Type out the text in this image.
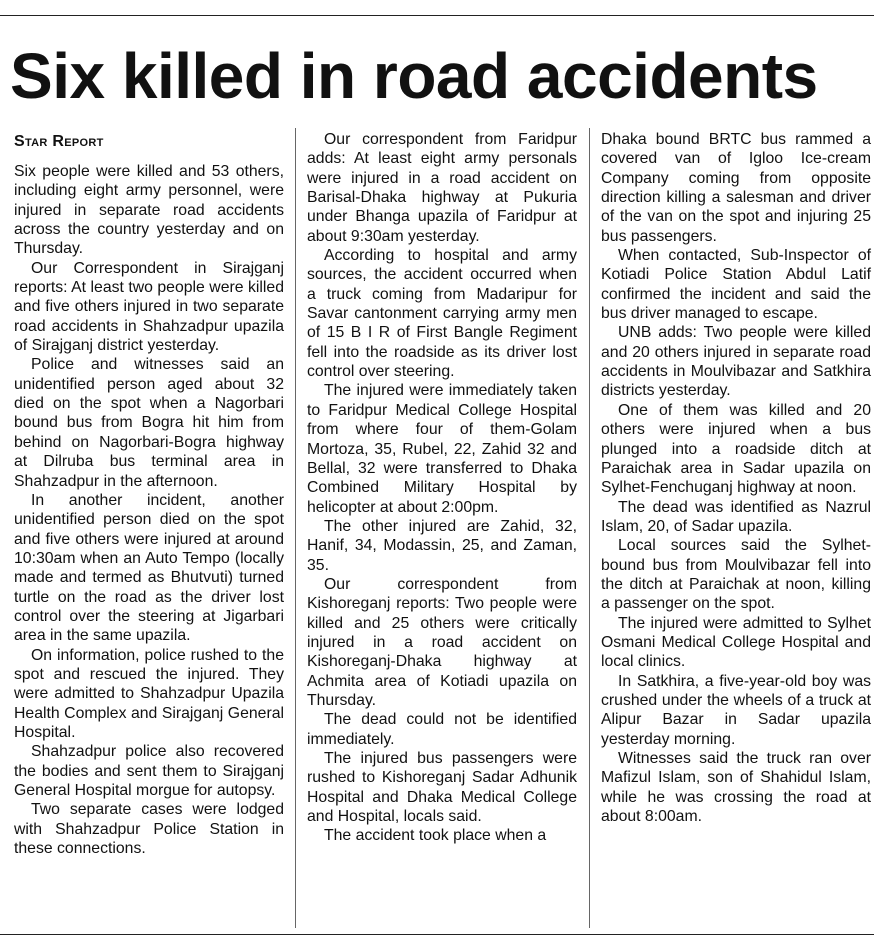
Six killed in road accidents
Star Report

Six people were killed and 53 others, including eight army personnel, were injured in separate road accidents across the country yesterday and on Thursday.

Our Correspondent in Sirajganj reports: At least two people were killed and five others injured in two separate road accidents in Shahzadpur upazila of Sirajganj district yesterday.

Police and witnesses said an unidentified person aged about 32 died on the spot when a Nagorbari bound bus from Bogra hit him from behind on Nagorbari-Bogra highway at Dilruba bus terminal area in Shahzadpur in the afternoon.

In another incident, another unidentified person died on the spot and five others were injured at around 10:30am when an Auto Tempo (locally made and termed as Bhutvuti) turned turtle on the road as the driver lost control over the steering at Jigarbari area in the same upazila.

On information, police rushed to the spot and rescued the injured. They were admitted to Shahzadpur Upazila Health Complex and Sirajganj General Hospital.

Shahzadpur police also recovered the bodies and sent them to Sirajganj General Hospital morgue for autopsy.

Two separate cases were lodged with Shahzadpur Police Station in these connections.

Our correspondent from Faridpur adds: At least eight army personals were injured in a road accident on Barisal-Dhaka highway at Pukuria under Bhanga upazila of Faridpur at about 9:30am yesterday.

According to hospital and army sources, the accident occurred when a truck coming from Madaripur for Savar cantonment carrying army men of 15 B I R of First Bangle Regiment fell into the roadside as its driver lost control over steering.

The injured were immediately taken to Faridpur Medical College Hospital from where four of them-Golam Mortoza, 35, Rubel, 22, Zahid 32 and Bellal, 32 were transferred to Dhaka Combined Military Hospital by helicopter at about 2:00pm.

The other injured are Zahid, 32, Hanif, 34, Modassin, 25, and Zaman, 35.

Our correspondent from Kishoreganj reports: Two people were killed and 25 others were critically injured in a road accident on Kishoreganj-Dhaka highway at Achmita area of Kotiadi upazila on Thursday.

The dead could not be identified immediately.

The injured bus passengers were rushed to Kishoreganj Sadar Adhunik Hospital and Dhaka Medical College and Hospital, locals said.

The accident took place when a

Dhaka bound BRTC bus rammed a covered van of Igloo Ice-cream Company coming from opposite direction killing a salesman and driver of the van on the spot and injuring 25 bus passengers.

When contacted, Sub-Inspector of Kotiadi Police Station Abdul Latif confirmed the incident and said the bus driver managed to escape.

UNB adds: Two people were killed and 20 others injured in separate road accidents in Moulvibazar and Satkhira districts yesterday.

One of them was killed and 20 others were injured when a bus plunged into a roadside ditch at Paraichak area in Sadar upazila on Sylhet-Fenchuganj highway at noon.

The dead was identified as Nazrul Islam, 20, of Sadar upazila.

Local sources said the Sylhet-bound bus from Moulvibazar fell into the ditch at Paraichak at noon, killing a passenger on the spot.

The injured were admitted to Sylhet Osmani Medical College Hospital and local clinics.

In Satkhira, a five-year-old boy was crushed under the wheels of a truck at Alipur Bazar in Sadar upazila yesterday morning.

Witnesses said the truck ran over Mafizul Islam, son of Shahidul Islam, while he was crossing the road at about 8:00am.
